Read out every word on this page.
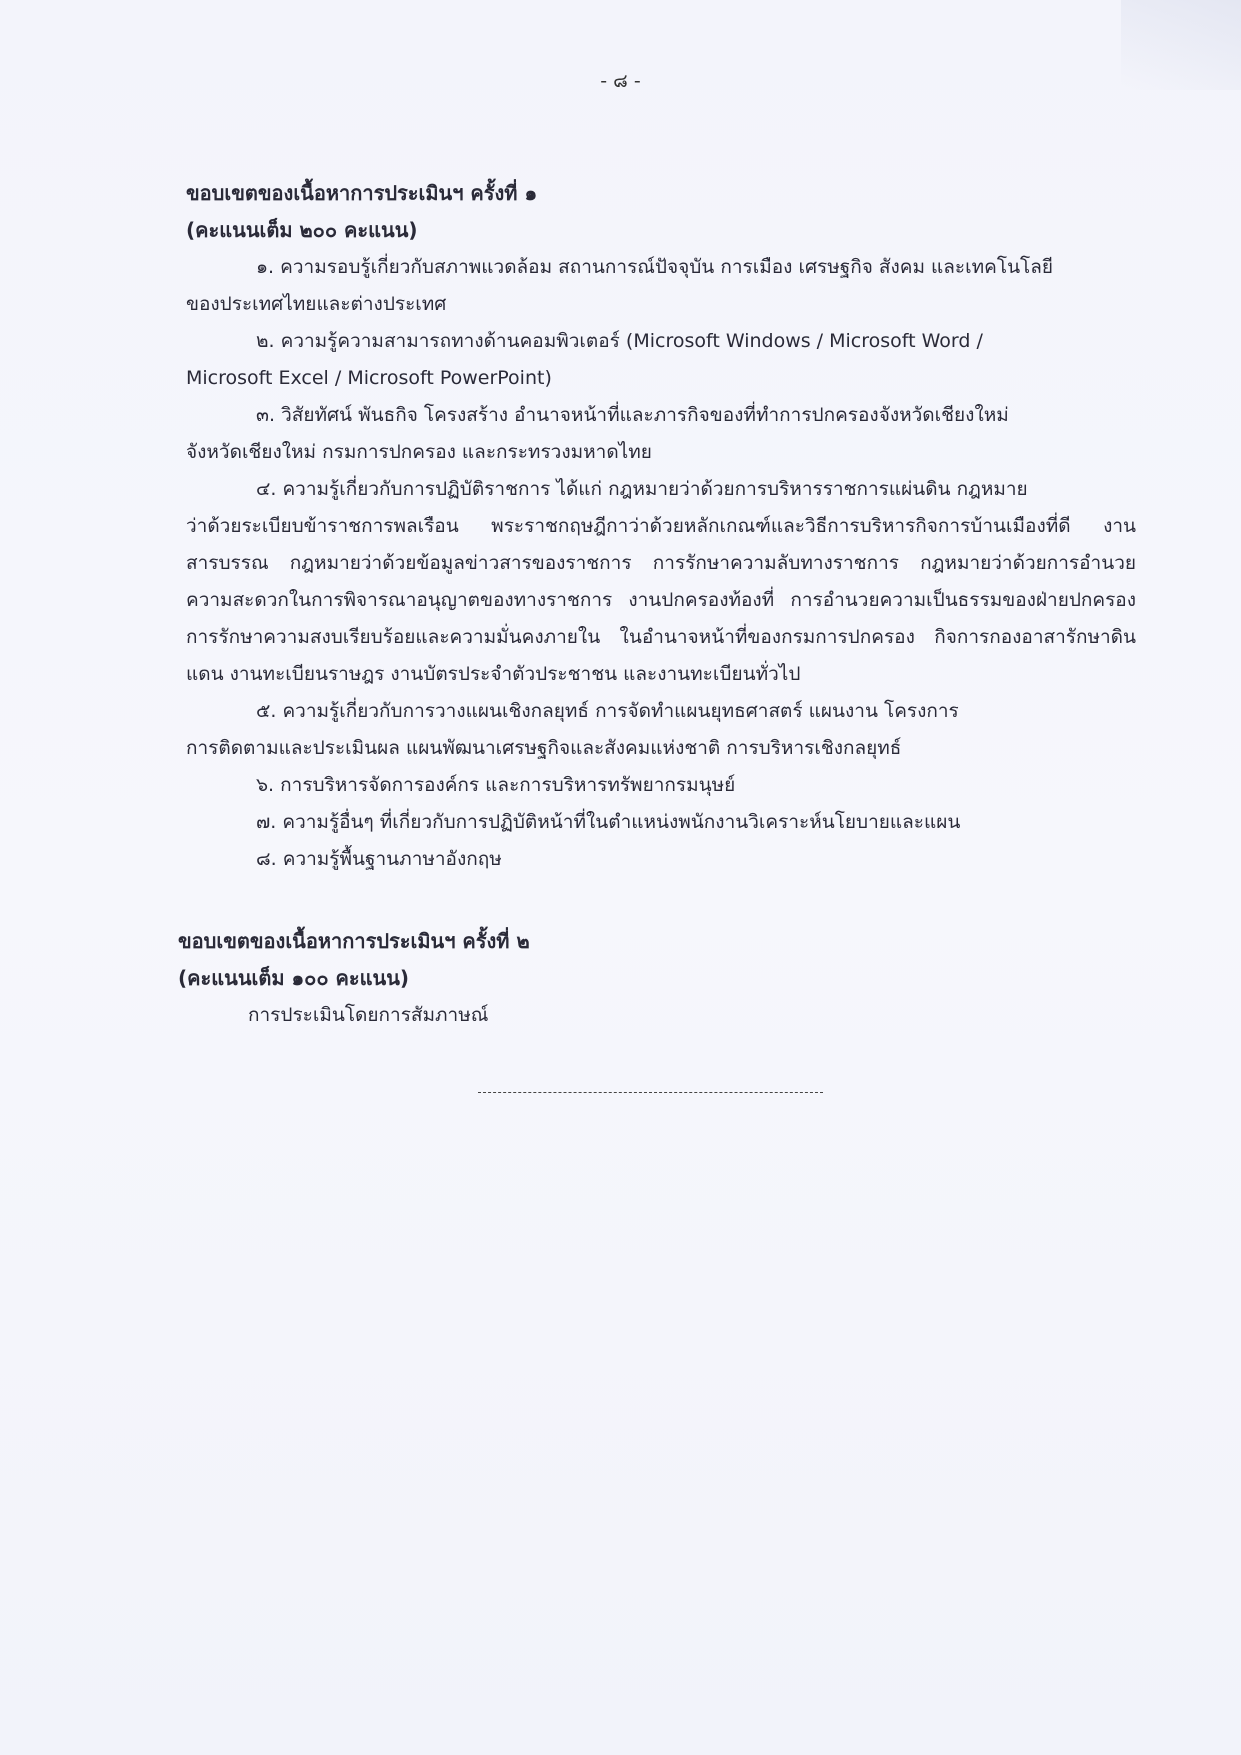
- ๘ -

ขอบเขตของเนื้อหาการประเมินฯ ครั้งที่ ๑

(คะแนนเต็ม ๒๐๐ คะแนน)

๑. ความรอบรู้เกี่ยวกับสภาพแวดล้อม สถานการณ์ปัจจุบัน การเมือง เศรษฐกิจ สังคม และเทคโนโลยี
ของประเทศไทยและต่างประเทศ

๒. ความรู้ความสามารถทางด้านคอมพิวเตอร์ (Microsoft Windows / Microsoft Word /
Microsoft Excel / Microsoft PowerPoint)

๓. วิสัยทัศน์ พันธกิจ โครงสร้าง อำนาจหน้าที่และภารกิจของที่ทำการปกครองจังหวัดเชียงใหม่
จังหวัดเชียงใหม่ กรมการปกครอง และกระทรวงมหาดไทย

๔. ความรู้เกี่ยวกับการปฏิบัติราชการ ได้แก่ กฎหมายว่าด้วยการบริหารราชการแผ่นดิน กฎหมาย
ว่าด้วยระเบียบข้าราชการพลเรือน พระราชกฤษฎีกาว่าด้วยหลักเกณฑ์และวิธีการบริหารกิจการบ้านเมืองที่ดี งานสารบรรณ กฎหมายว่าด้วยข้อมูลข่าวสารของราชการ การรักษาความลับทางราชการ กฎหมายว่าด้วยการอำนวยความสะดวกในการพิจารณาอนุญาตของทางราชการ งานปกครองท้องที่ การอำนวยความเป็นธรรมของฝ่ายปกครอง การรักษาความสงบเรียบร้อยและความมั่นคงภายใน ในอำนาจหน้าที่ของกรมการปกครอง กิจการกองอาสารักษาดินแดน งานทะเบียนราษฎร งานบัตรประจำตัวประชาชน และงานทะเบียนทั่วไป

๕. ความรู้เกี่ยวกับการวางแผนเชิงกลยุทธ์ การจัดทำแผนยุทธศาสตร์ แผนงาน โครงการ
การติดตามและประเมินผล แผนพัฒนาเศรษฐกิจและสังคมแห่งชาติ การบริหารเชิงกลยุทธ์

๖. การบริหารจัดการองค์กร และการบริหารทรัพยากรมนุษย์

๗. ความรู้อื่นๆ ที่เกี่ยวกับการปฏิบัติหน้าที่ในตำแหน่งพนักงานวิเคราะห์นโยบายและแผน

๘. ความรู้พื้นฐานภาษาอังกฤษ

ขอบเขตของเนื้อหาการประเมินฯ ครั้งที่ ๒

(คะแนนเต็ม ๑๐๐ คะแนน)

การประเมินโดยการสัมภาษณ์
